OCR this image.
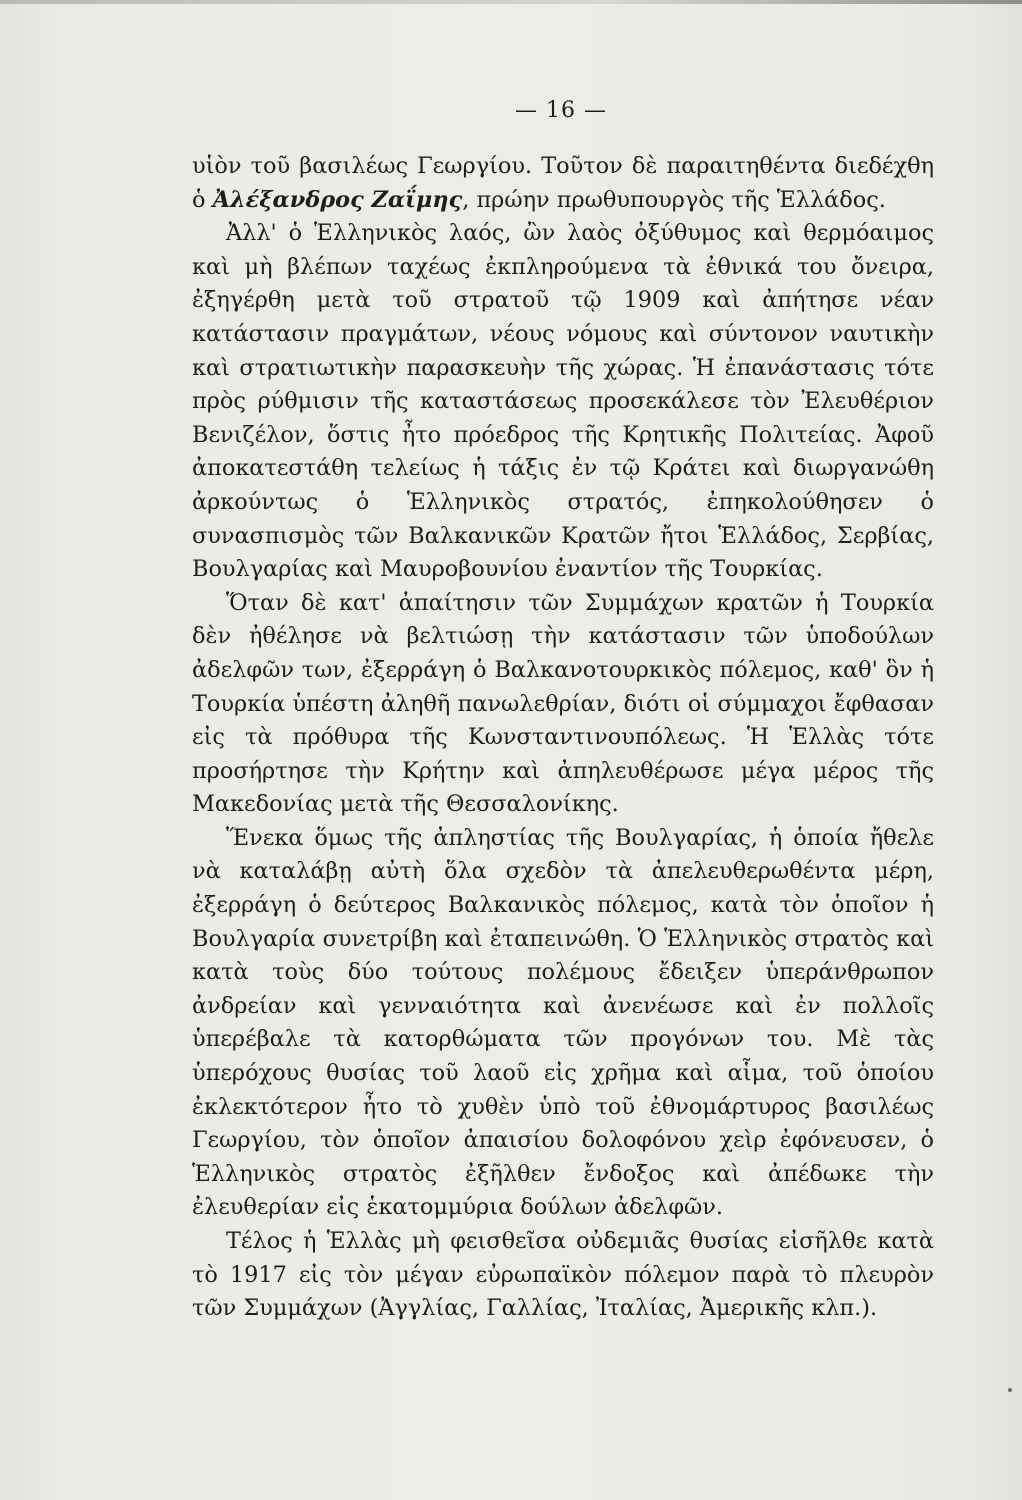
— 16 —

υἱὸν τοῦ βασιλέως Γεωργίου. Τοῦτον δὲ παραιτηθέντα διεδέχθη ὁ Ἀλέξανδρος Ζαΐμης, πρώην πρωθυπουργὸς τῆς Ἑλλάδος.

Ἀλλ' ὁ Ἑλληνικὸς λαός, ὢν λαὸς ὀξύθυμος καὶ θερμόαιμος καὶ μὴ βλέπων ταχέως ἐκπληρούμενα τὰ ἐθνικά του ὄνειρα, ἐξηγέρθη μετὰ τοῦ στρατοῦ τῷ 1909 καὶ ἀπήτησε νέαν κατάστασιν πραγμάτων, νέους νόμους καὶ σύντονον ναυτικὴν καὶ στρατιωτικὴν παρασκευὴν τῆς χώρας. Ἡ ἐπανάστασις τότε πρὸς ρύθμισιν τῆς καταστάσεως προσεκάλεσε τὸν Ἐλευθέριον Βενιζέλον, ὅστις ἦτο πρόεδρος τῆς Κρητικῆς Πολιτείας. Ἀφοῦ ἀποκατεστάθη τελείως ἡ τάξις ἐν τῷ Κράτει καὶ διωργανώθη ἀρκούντως ὁ Ἑλληνικὸς στρατός, ἐπηκολούθησεν ὁ συνασπισμὸς τῶν Βαλκανικῶν Κρατῶν ἤτοι Ἑλλάδος, Σερβίας, Βουλγαρίας καὶ Μαυροβουνίου ἐναντίον τῆς Τουρκίας.

Ὅταν δὲ κατ' ἀπαίτησιν τῶν Συμμάχων κρατῶν ἡ Τουρκία δὲν ἠθέλησε νὰ βελτιώσῃ τὴν κατάστασιν τῶν ὑποδούλων ἀδελφῶν των, ἐξερράγη ὁ Βαλκανοτουρκικὸς πόλεμος, καθ' ὃν ἡ Τουρκία ὑπέστη ἀληθῆ πανωλεθρίαν, διότι οἱ σύμμαχοι ἔφθασαν εἰς τὰ πρόθυρα τῆς Κωνσταντινουπόλεως. Ἡ Ἑλλὰς τότε προσήρτησε τὴν Κρήτην καὶ ἀπηλευθέρωσε μέγα μέρος τῆς Μακεδονίας μετὰ τῆς Θεσσαλονίκης.

Ἕνεκα ὅμως τῆς ἀπληστίας τῆς Βουλγαρίας, ἡ ὁποία ἤθελε νὰ καταλάβῃ αὐτὴ ὅλα σχεδὸν τὰ ἀπελευθερωθέντα μέρη, ἐξερράγη ὁ δεύτερος Βαλκανικὸς πόλεμος, κατὰ τὸν ὁποῖον ἡ Βουλγαρία συνετρίβη καὶ ἐταπεινώθη. Ὁ Ἑλληνικὸς στρατὸς καὶ κατὰ τοὺς δύο τούτους πολέμους ἔδειξεν ὑπεράνθρωπον ἀνδρείαν καὶ γενναιότητα καὶ ἀνενέωσε καὶ ἐν πολλοῖς ὑπερέβαλε τὰ κατορθώματα τῶν προγόνων του. Μὲ τὰς ὑπερόχους θυσίας τοῦ λαοῦ εἰς χρῆμα καὶ αἷμα, τοῦ ὁποίου ἐκλεκτότερον ἦτο τὸ χυθὲν ὑπὸ τοῦ ἐθνομάρτυρος βασιλέως Γεωργίου, τὸν ὁποῖον ἀπαισίου δολοφόνου χεὶρ ἐφόνευσεν, ὁ Ἑλληνικὸς στρατὸς ἐξῆλθεν ἔνδοξος καὶ ἀπέδωκε τὴν ἐλευθερίαν εἰς ἑκατομμύρια δούλων ἀδελφῶν.

Τέλος ἡ Ἑλλὰς μὴ φεισθεῖσα οὐδεμιᾶς θυσίας εἰσῆλθε κατὰ τὸ 1917 εἰς τὸν μέγαν εὐρωπαϊκὸν πόλεμον παρὰ τὸ πλευρὸν τῶν Συμμάχων (Ἀγγλίας, Γαλλίας, Ἰταλίας, Ἀμερικῆς κλπ.).
